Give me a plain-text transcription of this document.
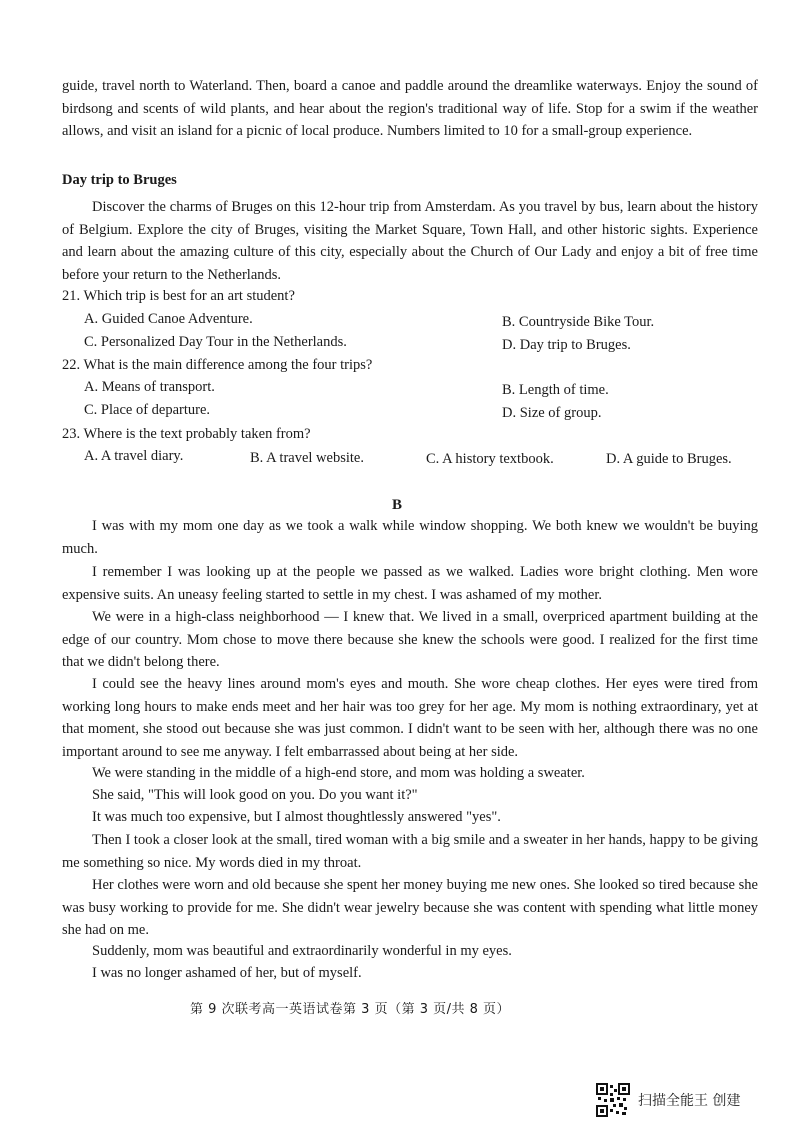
guide, travel north to Waterland. Then, board a canoe and paddle around the dreamlike waterways. Enjoy the sound of birdsong and scents of wild plants, and hear about the region's traditional way of life. Stop for a swim if the weather allows, and visit an island for a picnic of local produce. Numbers limited to 10 for a small-group experience.
Day trip to Bruges
Discover the charms of Bruges on this 12-hour trip from Amsterdam. As you travel by bus, learn about the history of Belgium. Explore the city of Bruges, visiting the Market Square, Town Hall, and other historic sights. Experience and learn about the amazing culture of this city, especially about the Church of Our Lady and enjoy a bit of free time before your return to the Netherlands.
21. Which trip is best for an art student?
A. Guided Canoe Adventure.	B. Countryside Bike Tour.
C. Personalized Day Tour in the Netherlands.	D. Day trip to Bruges.
22. What is the main difference among the four trips?
A. Means of transport.	B. Length of time.
C. Place of departure.	D. Size of group.
23. Where is the text probably taken from?
A. A travel diary.	B. A travel website.	C. A history textbook.	D. A guide to Bruges.
B
I was with my mom one day as we took a walk while window shopping. We both knew we wouldn't be buying much.
I remember I was looking up at the people we passed as we walked. Ladies wore bright clothing. Men wore expensive suits. An uneasy feeling started to settle in my chest. I was ashamed of my mother.
We were in a high-class neighborhood — I knew that. We lived in a small, overpriced apartment building at the edge of our country. Mom chose to move there because she knew the schools were good. I realized for the first time that we didn't belong there.
I could see the heavy lines around mom's eyes and mouth. She wore cheap clothes. Her eyes were tired from working long hours to make ends meet and her hair was too grey for her age. My mom is nothing extraordinary, yet at that moment, she stood out because she was just common. I didn't want to be seen with her, although there was no one important around to see me anyway. I felt embarrassed about being at her side.
We were standing in the middle of a high-end store, and mom was holding a sweater.
She said, "This will look good on you. Do you want it?"
It was much too expensive, but I almost thoughtlessly answered "yes".
Then I took a closer look at the small, tired woman with a big smile and a sweater in her hands, happy to be giving me something so nice. My words died in my throat.
Her clothes were worn and old because she spent her money buying me new ones. She looked so tired because she was busy working to provide for me. She didn't wear jewelry because she was content with spending what little money she had on me.
Suddenly, mom was beautiful and extraordinarily wonderful in my eyes.
I was no longer ashamed of her, but of myself.
第 9 次联考高一英语试卷第 3 页（第 3 页/共 8 页）
扫描全能王 创建
